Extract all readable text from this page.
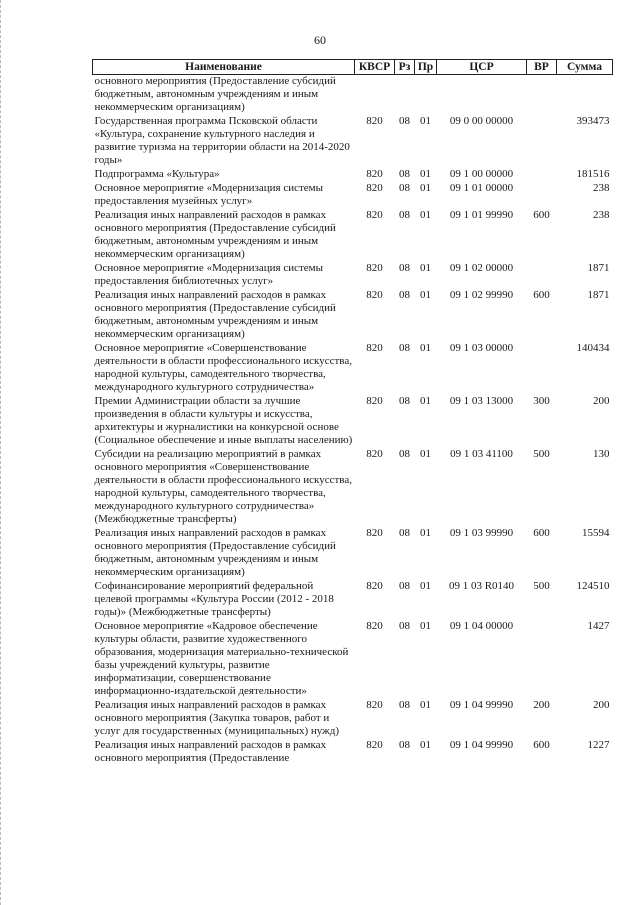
60
Наименование	КВСР	Рз	Пр	ЦСР	ВР	Сумма
основного мероприятия (Предоставление субсидий бюджетным, автономным учреждениям и иным некоммерческим организациям)						
Государственная программа Псковской области «Культура, сохранение культурного наследия и развитие туризма на территории области на 2014-2020 годы»	820	08	01	09 0 00 00000		393473
Подпрограмма «Культура»	820	08	01	09 1 00 00000		181516
Основное мероприятие «Модернизация системы предоставления музейных услуг»	820	08	01	09 1 01 00000		238
Реализация иных направлений расходов в рамках основного мероприятия (Предоставление субсидий бюджетным, автономным учреждениям и иным некоммерческим организациям)	820	08	01	09 1 01 99990	600	238
Основное мероприятие «Модернизация системы предоставления библиотечных услуг»	820	08	01	09 1 02 00000		1871
Реализация иных направлений расходов в рамках основного мероприятия (Предоставление субсидий бюджетным, автономным учреждениям и иным некоммерческим организациям)	820	08	01	09 1 02 99990	600	1871
Основное мероприятие «Совершенствование деятельности в области профессионального искусства, народной культуры, самодеятельного творчества, международного культурного сотрудничества»	820	08	01	09 1 03 00000		140434
Премии Администрации области за лучшие произведения в области культуры и искусства, архитектуры и журналистики на конкурсной основе (Социальное обеспечение и иные выплаты населению)	820	08	01	09 1 03 13000	300	200
Субсидии на реализацию мероприятий в рамках основного мероприятия «Совершенствование деятельности в области профессионального искусства, народной культуры, самодеятельного творчества, международного культурного сотрудничества» (Межбюджетные трансферты)	820	08	01	09 1 03 41100	500	130
Реализация иных направлений расходов в рамках основного мероприятия (Предоставление субсидий бюджетным, автономным учреждениям и иным некоммерческим организациям)	820	08	01	09 1 03 99990	600	15594
Софинансирование мероприятий федеральной целевой программы «Культура России (2012 - 2018 годы)» (Межбюджетные трансферты)	820	08	01	09 1 03 R0140	500	124510
Основное мероприятие «Кадровое обеспечение культуры области, развитие художественного образования, модернизация материально-технической базы учреждений культуры, развитие информатизации, совершенствование информационно-издательской деятельности»	820	08	01	09 1 04 00000		1427
Реализация иных направлений расходов в рамках основного мероприятия (Закупка товаров, работ и услуг для государственных (муниципальных) нужд)	820	08	01	09 1 04 99990	200	200
Реализация иных направлений расходов в рамках основного мероприятия (Предоставление	820	08	01	09 1 04 99990	600	1227
